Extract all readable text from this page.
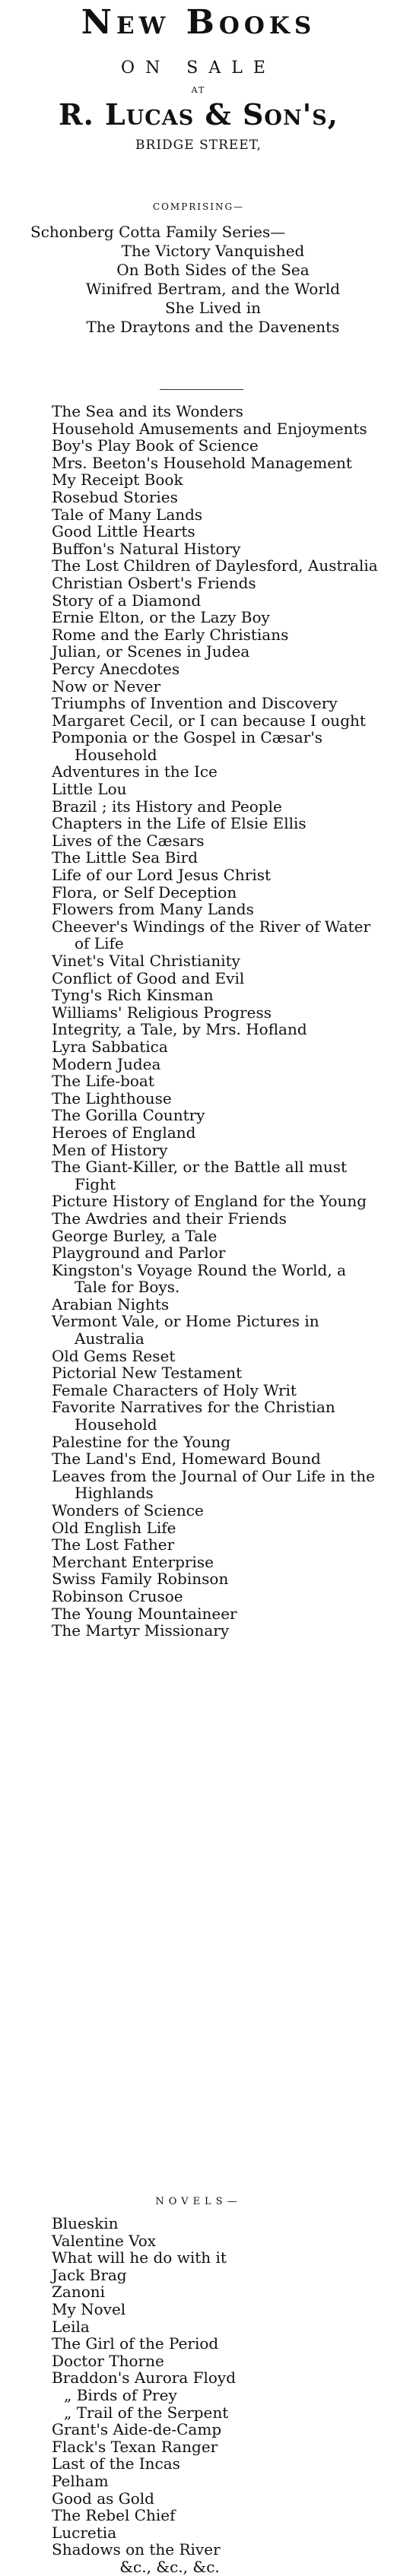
New Books
ON SALE
AT
R. Lucas & Son's,
BRIDGE STREET,
COMPRISING—
Schonberg Cotta Family Series—
The Victory Vanquished
On Both Sides of the Sea
Winifred Bertram, and the World
She Lived in
The Draytons and the Davenents
The Sea and its Wonders
Household Amusements and Enjoyments
Boy's Play Book of Science
Mrs. Beeton's Household Management
My Receipt Book
Rosebud Stories
Tale of Many Lands
Good Little Hearts
Buffon's Natural History
The Lost Children of Daylesford, Australia
Christian Osbert's Friends
Story of a Diamond
Ernie Elton, or the Lazy Boy
Rome and the Early Christians
Julian, or Scenes in Judea
Percy Anecdotes
Now or Never
Triumphs of Invention and Discovery
Margaret Cecil, or I can because I ought
Pomponia or the Gospel in Cæsar's Household
Adventures in the Ice
Little Lou
Brazil ; its History and People
Chapters in the Life of Elsie Ellis
Lives of the Cæsars
The Little Sea Bird
Life of our Lord Jesus Christ
Flora, or Self Deception
Flowers from Many Lands
Cheever's Windings of the River of Water of Life
Vinet's Vital Christianity
Conflict of Good and Evil
Tyng's Rich Kinsman
Williams' Religious Progress
Integrity, a Tale, by Mrs. Hofland
Lyra Sabbatica
Modern Judea
The Life-boat
The Lighthouse
The Gorilla Country
Heroes of England
Men of History
The Giant-Killer, or the Battle all must Fight
Picture History of England for the Young
The Awdries and their Friends
George Burley, a Tale
Playground and Parlor
Kingston's Voyage Round the World, a Tale for Boys.
Arabian Nights
Vermont Vale, or Home Pictures in Australia
Old Gems Reset
Pictorial New Testament
Female Characters of Holy Writ
Favorite Narratives for the Christian Household
Palestine for the Young
The Land's End, Homeward Bound
Leaves from the Journal of Our Life in the Highlands
Wonders of Science
Old English Life
The Lost Father
Merchant Enterprise
Swiss Family Robinson
Robinson Crusoe
The Young Mountaineer
The Martyr Missionary
NOVELS—
Blueskin
Valentine Vox
What will he do with it
Jack Brag
Zanoni
My Novel
Leila
The Girl of the Period
Doctor Thorne
Braddon's Aurora Floyd
„ Birds of Prey
„ Trail of the Serpent
Grant's Aide-de-Camp
Flack's Texan Ranger
Last of the Incas
Pelham
Good as Gold
The Rebel Chief
Lucretia
Shadows on the River
&c., &c., &c.
